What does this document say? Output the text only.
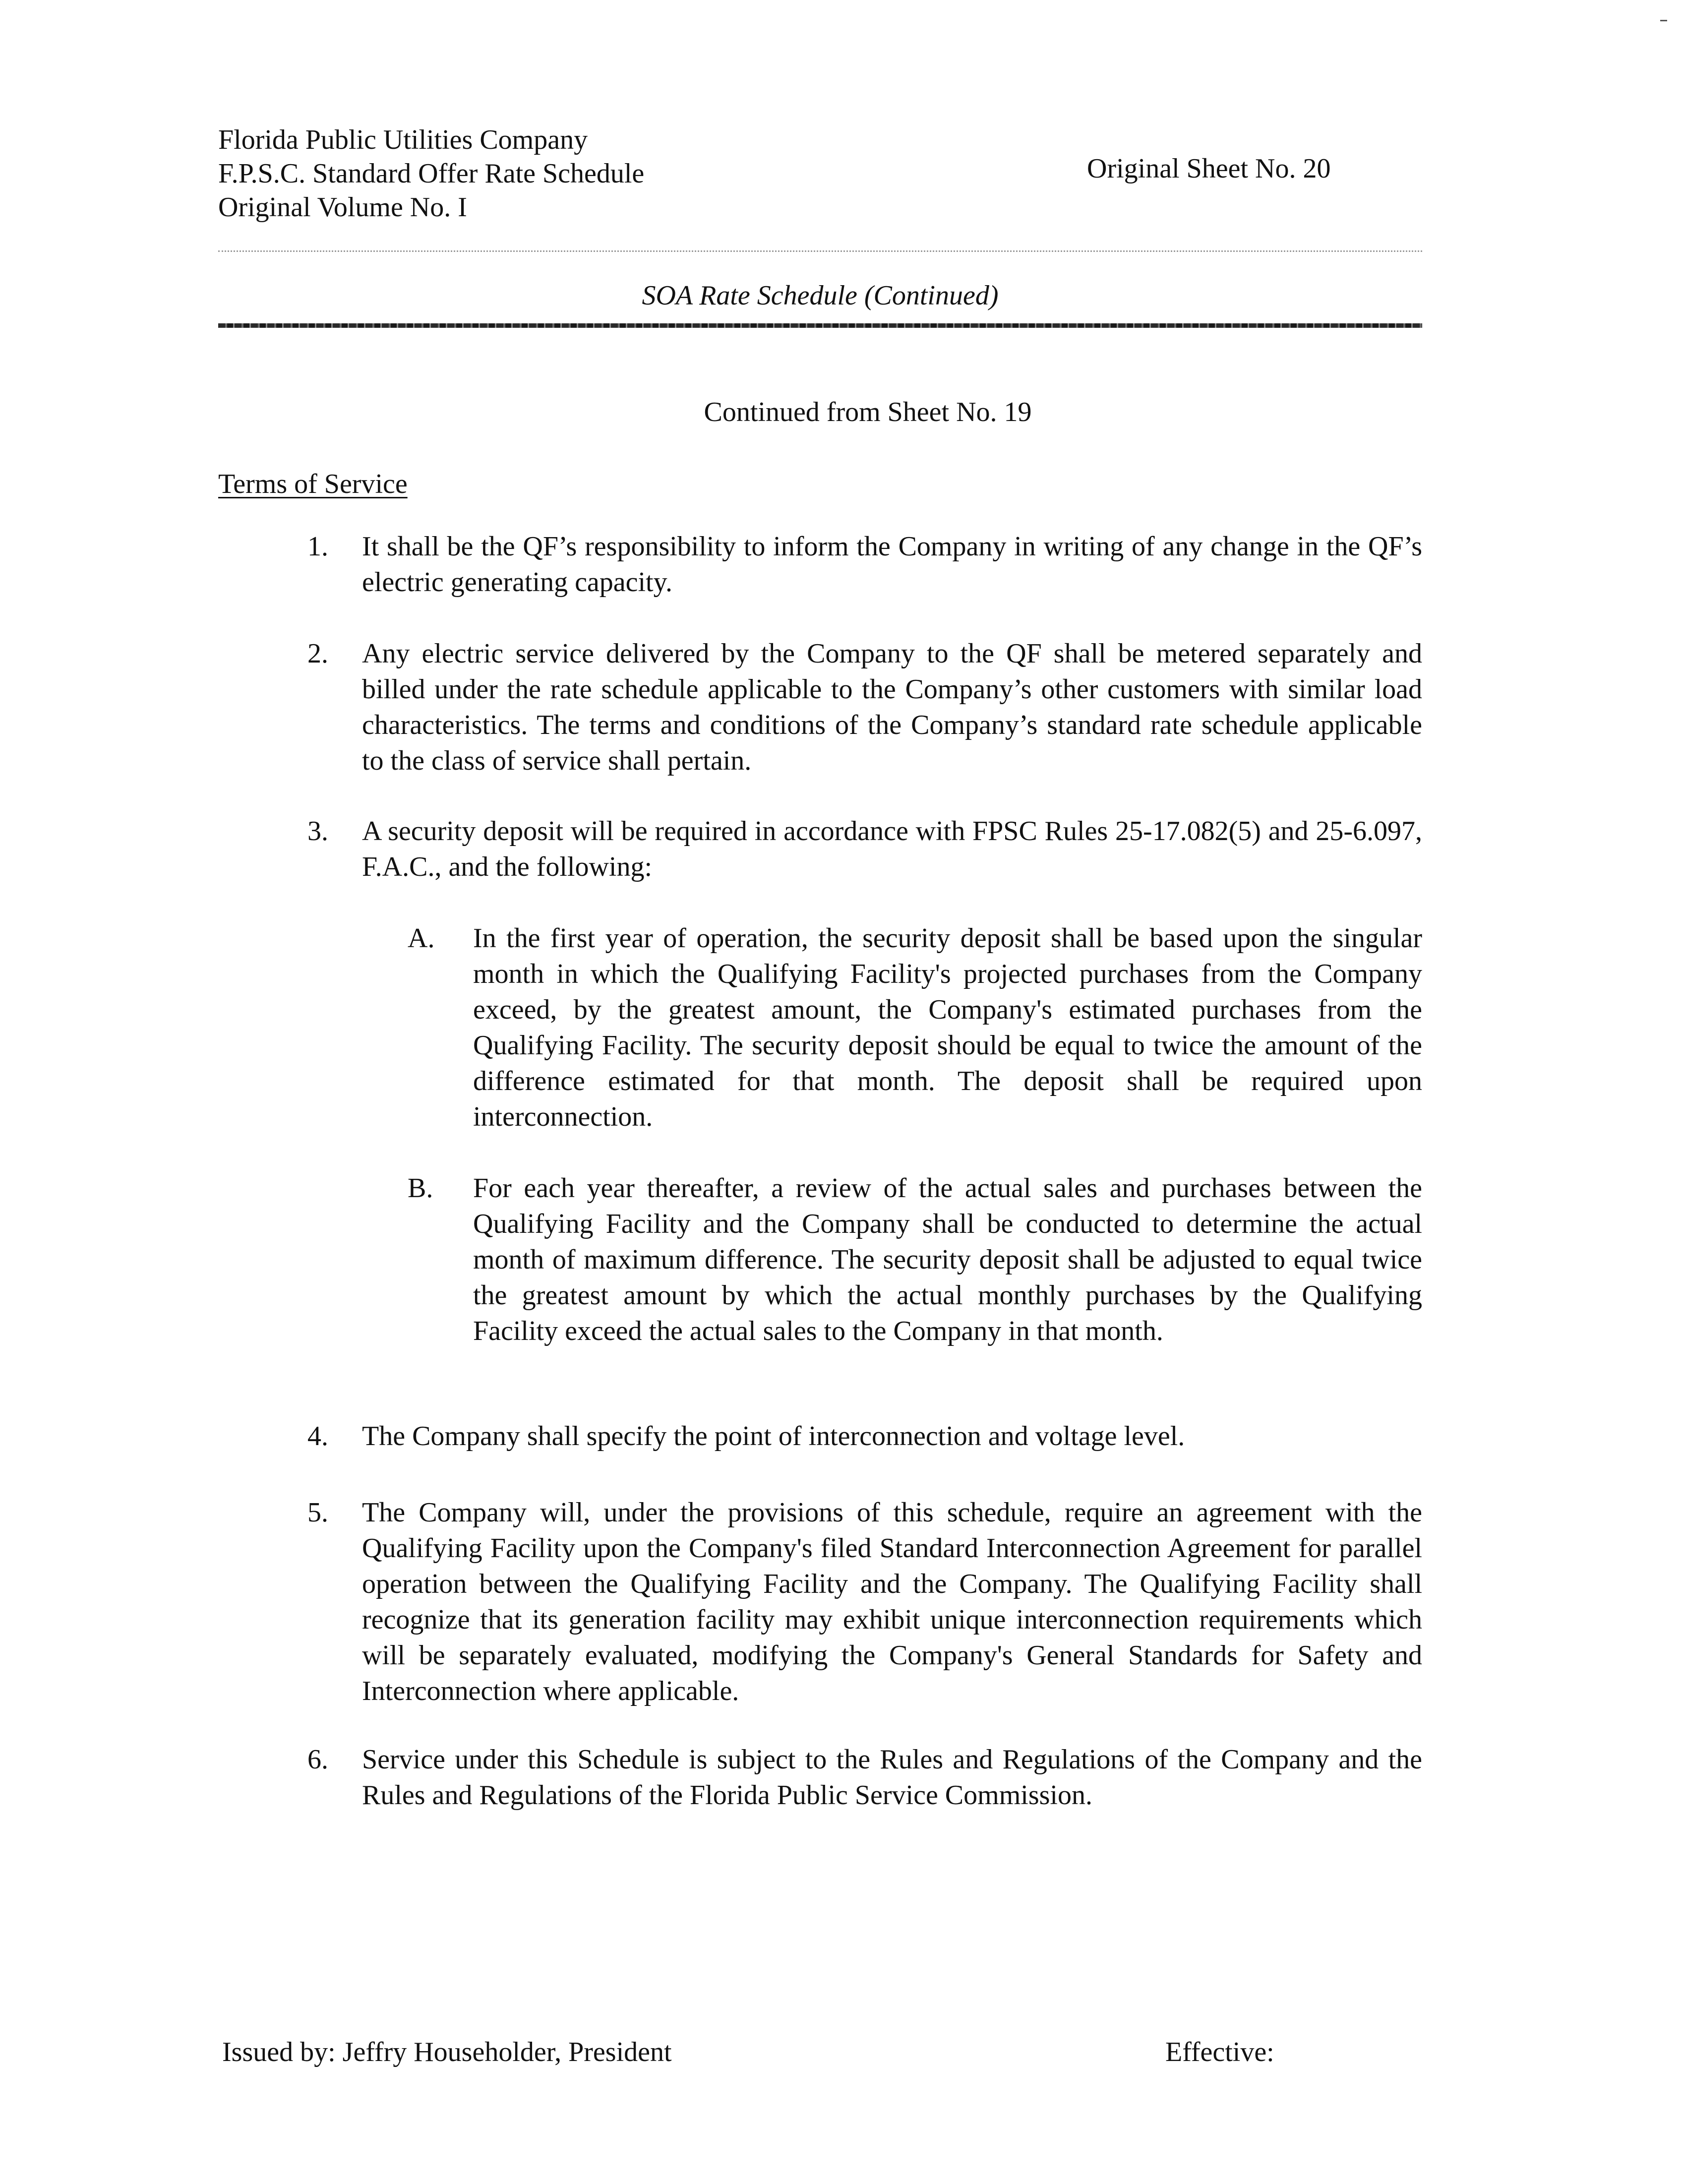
Florida Public Utilities Company
F.P.S.C. Standard Offer Rate Schedule
Original Volume No. I
Original Sheet No. 20
SOA Rate Schedule (Continued)
Continued from Sheet No. 19
Terms of Service
1.	It shall be the QF’s responsibility to inform the Company in writing of any change in the QF’s electric generating capacity.
2.	Any electric service delivered by the Company to the QF shall be metered separately and billed under the rate schedule applicable to the Company’s other customers with similar load characteristics. The terms and conditions of the Company’s standard rate schedule applicable to the class of service shall pertain.
3.	A security deposit will be required in accordance with FPSC Rules 25-17.082(5) and 25-6.097, F.A.C., and the following:
A.	In the first year of operation, the security deposit shall be based upon the singular month in which the Qualifying Facility's projected purchases from the Company exceed, by the greatest amount, the Company's estimated purchases from the Qualifying Facility. The security deposit should be equal to twice the amount of the difference estimated for that month. The deposit shall be required upon interconnection.
B.	For each year thereafter, a review of the actual sales and purchases between the Qualifying Facility and the Company shall be conducted to determine the actual month of maximum difference. The security deposit shall be adjusted to equal twice the greatest amount by which the actual monthly purchases by the Qualifying Facility exceed the actual sales to the Company in that month.
4.	The Company shall specify the point of interconnection and voltage level.
5.	The Company will, under the provisions of this schedule, require an agreement with the Qualifying Facility upon the Company's filed Standard Interconnection Agreement for parallel operation between the Qualifying Facility and the Company. The Qualifying Facility shall recognize that its generation facility may exhibit unique interconnection requirements which will be separately evaluated, modifying the Company's General Standards for Safety and Interconnection where applicable.
6.	Service under this Schedule is subject to the Rules and Regulations of the Company and the Rules and Regulations of the Florida Public Service Commission.
Issued by: Jeffry Householder, President	Effective:
